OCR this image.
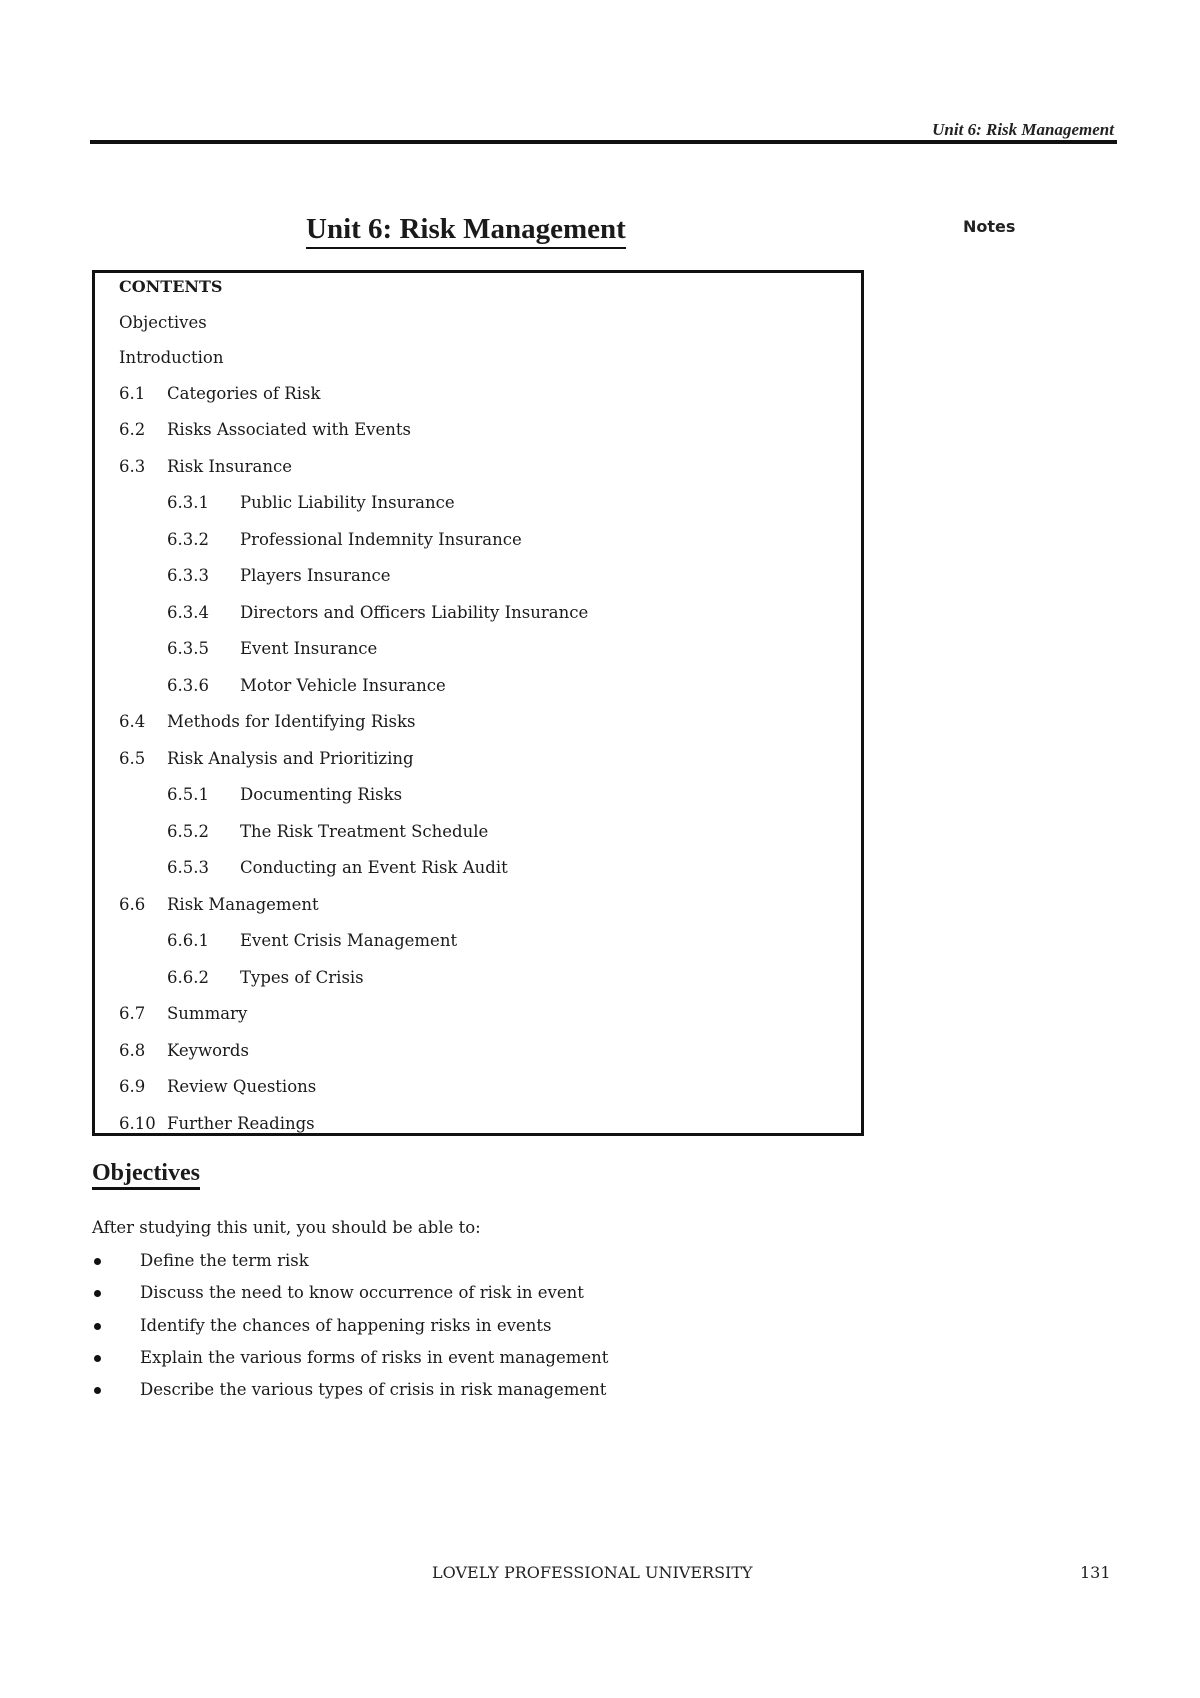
Unit 6: Risk Management
Unit 6: Risk Management	Notes
CONTENTS
Objectives
Introduction
6.1 Categories of Risk
6.2 Risks Associated with Events
6.3 Risk Insurance
6.3.1 Public Liability Insurance
6.3.2 Professional Indemnity Insurance
6.3.3 Players Insurance
6.3.4 Directors and Officers Liability Insurance
6.3.5 Event Insurance
6.3.6 Motor Vehicle Insurance
6.4 Methods for Identifying Risks
6.5 Risk Analysis and Prioritizing
6.5.1 Documenting Risks
6.5.2 The Risk Treatment Schedule
6.5.3 Conducting an Event Risk Audit
6.6 Risk Management
6.6.1 Event Crisis Management
6.6.2 Types of Crisis
6.7 Summary
6.8 Keywords
6.9 Review Questions
6.10 Further Readings
Objectives

After studying this unit, you should be able to:

Define the term risk
Discuss the need to know occurrence of risk in event
Identify the chances of happening risks in events
Explain the various forms of risks in event management
Describe the various types of crisis in risk management
LOVELY PROFESSIONAL UNIVERSITY	131
